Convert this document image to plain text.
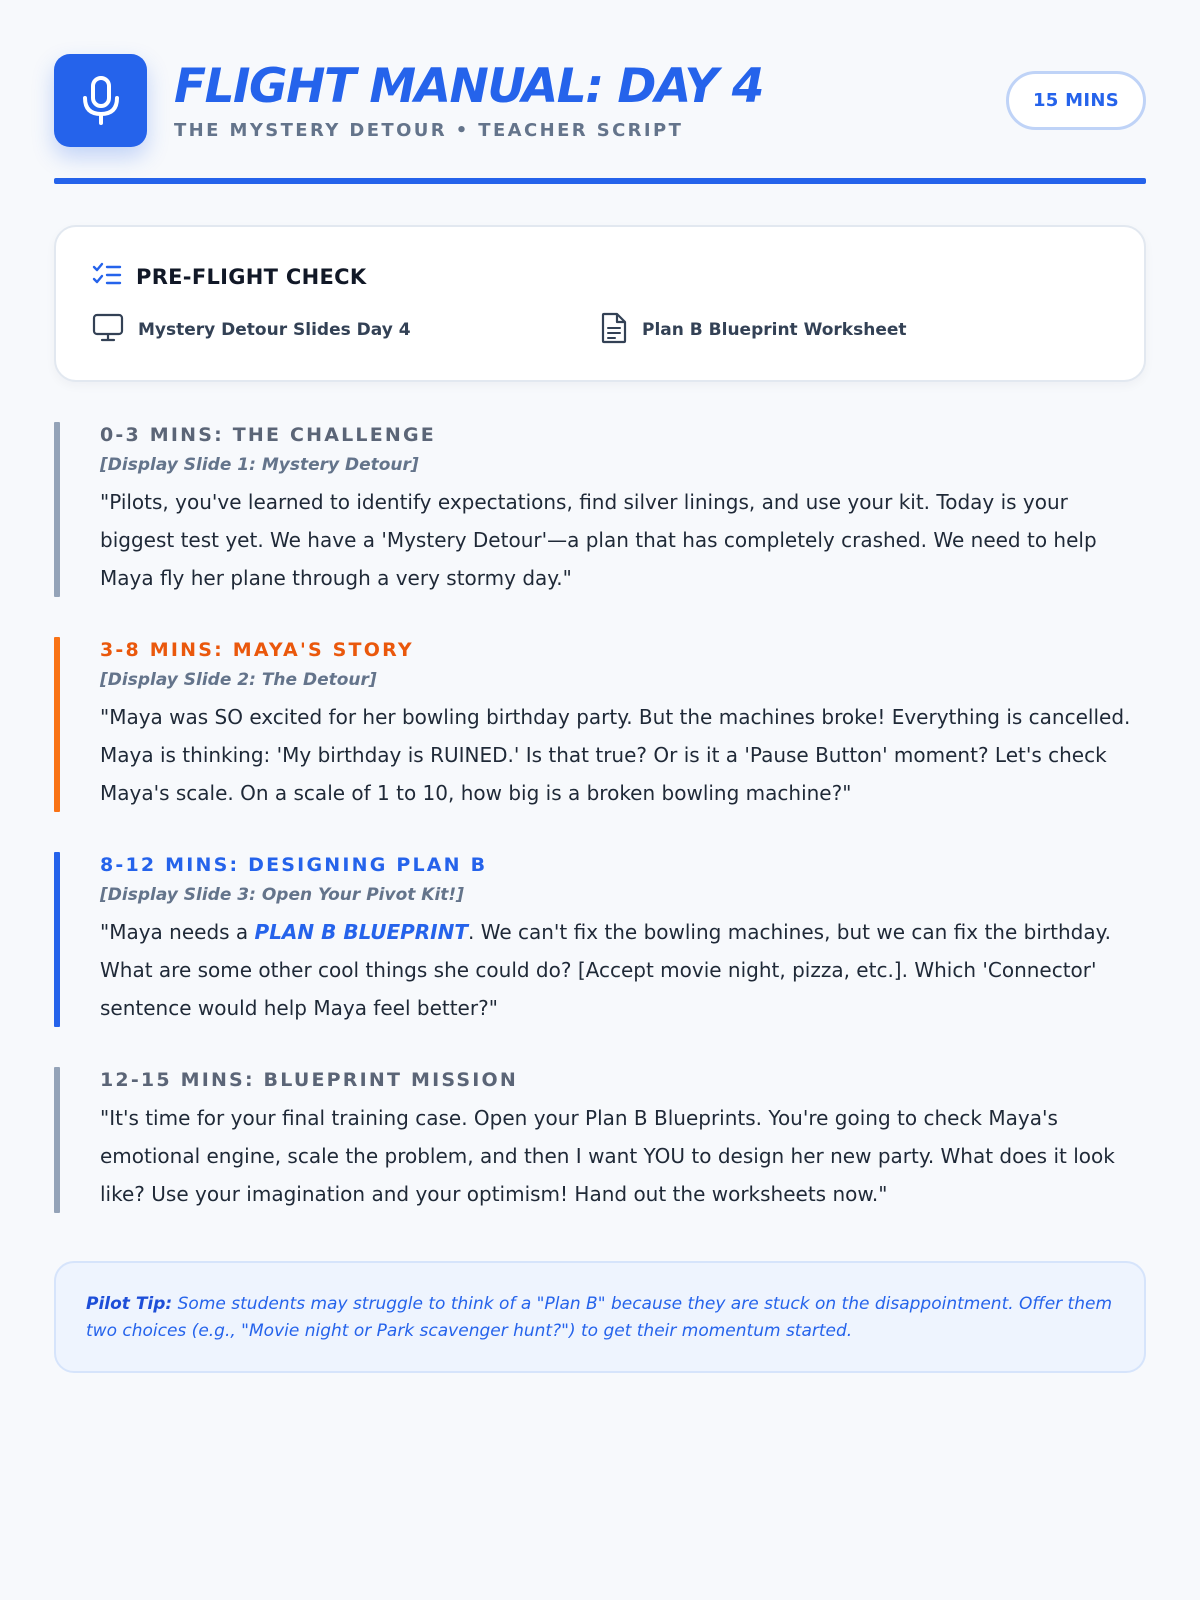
FLIGHT MANUAL: DAY 4
THE MYSTERY DETOUR • TEACHER SCRIPT
15 MINS
PRE-FLIGHT CHECK
Mystery Detour Slides Day 4	Plan B Blueprint Worksheet
0-3 MINS: THE CHALLENGE
[Display Slide 1: Mystery Detour]
"Pilots, you've learned to identify expectations, find silver linings, and use your kit. Today is your biggest test yet. We have a 'Mystery Detour'—a plan that has completely crashed. We need to help Maya fly her plane through a very stormy day."
3-8 MINS: MAYA'S STORY
[Display Slide 2: The Detour]
"Maya was SO excited for her bowling birthday party. But the machines broke! Everything is cancelled. Maya is thinking: 'My birthday is RUINED.' Is that true? Or is it a 'Pause Button' moment? Let's check Maya's scale. On a scale of 1 to 10, how big is a broken bowling machine?"
8-12 MINS: DESIGNING PLAN B
[Display Slide 3: Open Your Pivot Kit!]
"Maya needs a PLAN B BLUEPRINT. We can't fix the bowling machines, but we can fix the birthday. What are some other cool things she could do? [Accept movie night, pizza, etc.]. Which 'Connector' sentence would help Maya feel better?"
12-15 MINS: BLUEPRINT MISSION
"It's time for your final training case. Open your Plan B Blueprints. You're going to check Maya's emotional engine, scale the problem, and then I want YOU to design her new party. What does it look like? Use your imagination and your optimism! Hand out the worksheets now."
Pilot Tip: Some students may struggle to think of a "Plan B" because they are stuck on the disappointment. Offer them two choices (e.g., "Movie night or Park scavenger hunt?") to get their momentum started.
